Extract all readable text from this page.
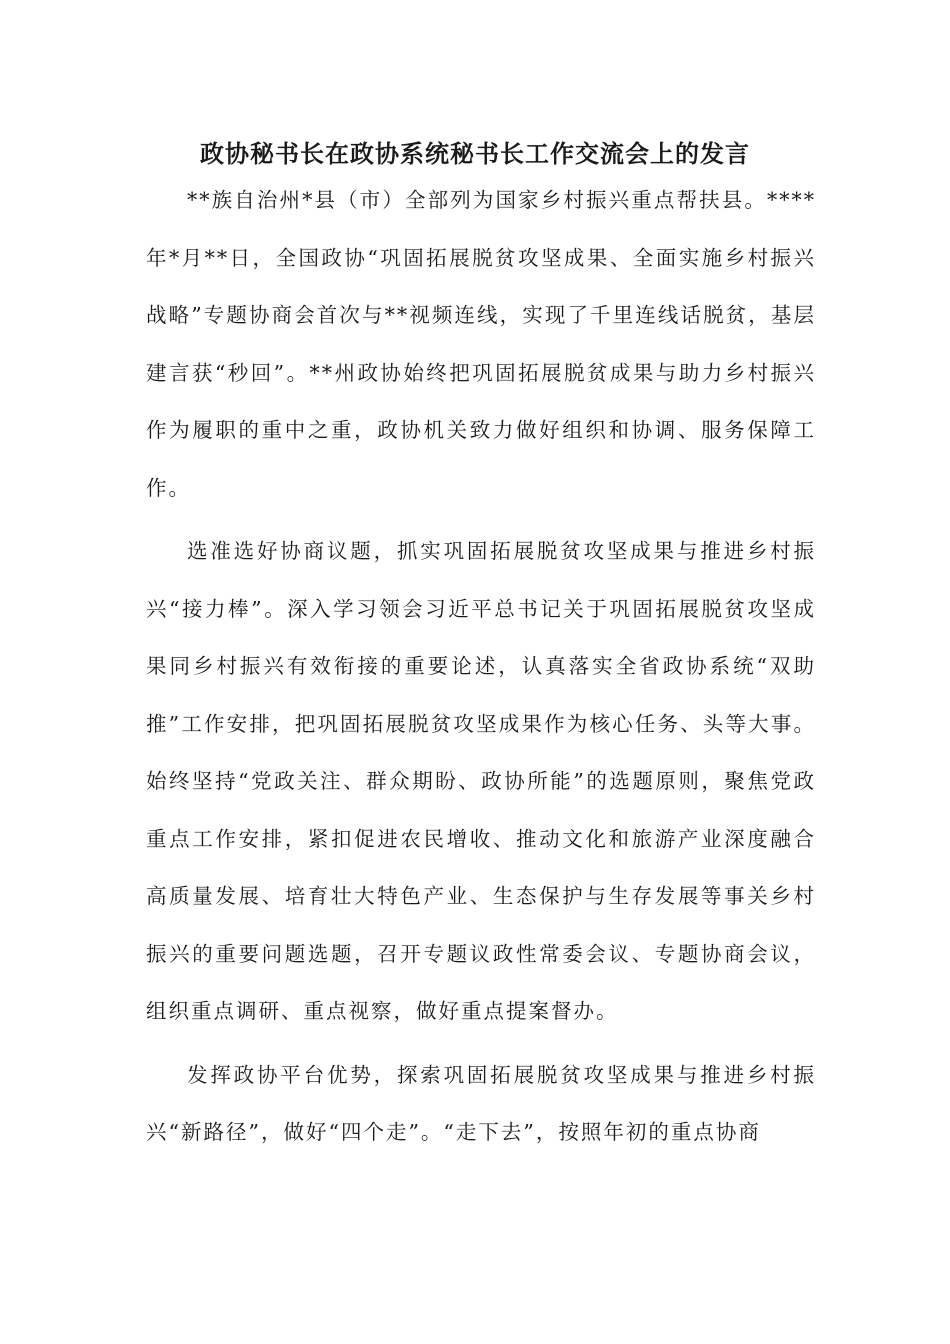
政协秘书长在政协系统秘书长工作交流会上的发言

**族自治州*县（市）全部列为国家乡村振兴重点帮扶县。****年*月**日，全国政协“巩固拓展脱贫攻坚成果、全面实施乡村振兴战略”专题协商会首次与**视频连线，实现了千里连线话脱贫，基层建言获“秒回”。**州政协始终把巩固拓展脱贫成果与助力乡村振兴作为履职的重中之重，政协机关致力做好组织和协调、服务保障工作。

选准选好协商议题，抓实巩固拓展脱贫攻坚成果与推进乡村振兴“接力棒”。深入学习领会习近平总书记关于巩固拓展脱贫攻坚成果同乡村振兴有效衔接的重要论述，认真落实全省政协系统“双助推”工作安排，把巩固拓展脱贫攻坚成果作为核心任务、头等大事。始终坚持“党政关注、群众期盼、政协所能”的选题原则，聚焦党政重点工作安排，紧扣促进农民增收、推动文化和旅游产业深度融合高质量发展、培育壮大特色产业、生态保护与生存发展等事关乡村振兴的重要问题选题，召开专题议政性常委会议、专题协商会议，组织重点调研、重点视察，做好重点提案督办。

发挥政协平台优势，探索巩固拓展脱贫攻坚成果与推进乡村振兴“新路径”，做好“四个走”。“走下去”，按照年初的重点协商
